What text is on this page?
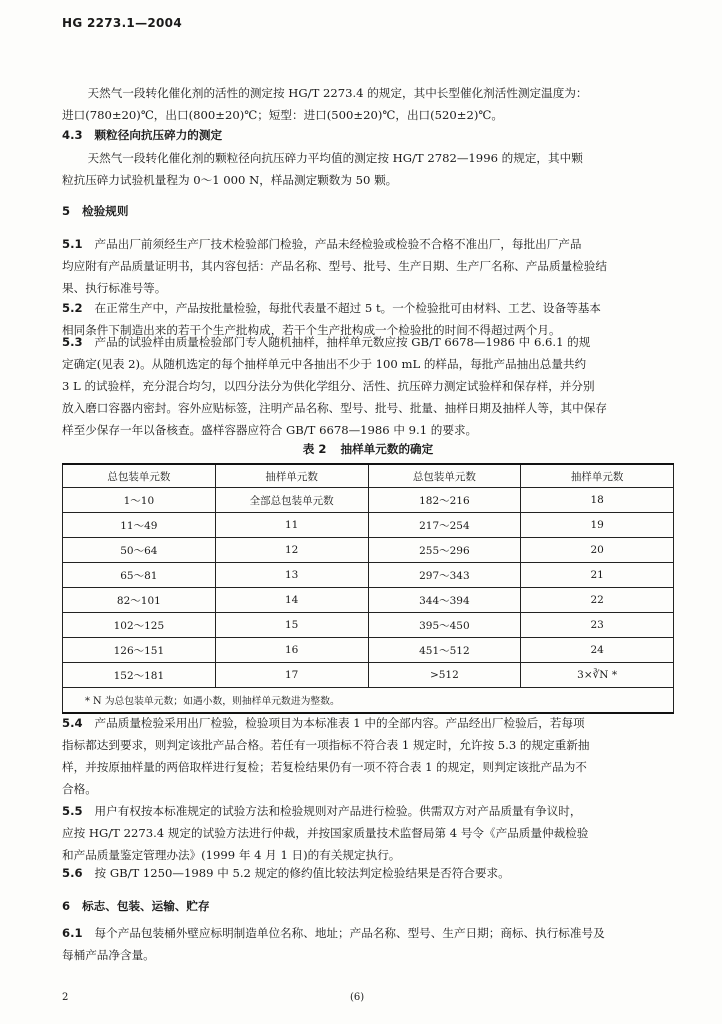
HG 2273.1—2004
天然气一段转化催化剂的活性的测定按 HG/T 2273.4 的规定，其中长型催化剂活性测定温度为：
进口(780±20)℃，出口(800±20)℃；短型：进口(500±20)℃，出口(520±2)℃。
4.3 颗粒径向抗压碎力的测定
天然气一段转化催化剂的颗粒径向抗压碎力平均值的测定按 HG/T 2782—1996 的规定，其中颗
粒抗压碎力试验机量程为 0～1 000 N，样品测定颗数为 50 颗。
5 检验规则
5.1 产品出厂前须经生产厂技术检验部门检验，产品未经检验或检验不合格不准出厂，每批出厂产品
均应附有产品质量证明书，其内容包括：产品名称、型号、批号、生产日期、生产厂名称、产品质量检验结
果、执行标准号等。
5.2 在正常生产中，产品按批量检验，每批代表量不超过 5 t。一个检验批可由材料、工艺、设备等基本
相同条件下制造出来的若干个生产批构成，若干个生产批构成一个检验批的时间不得超过两个月。
5.3 产品的试验样由质量检验部门专人随机抽样，抽样单元数应按 GB/T 6678—1986 中 6.6.1 的规
定确定(见表 2)。从随机选定的每个抽样单元中各抽出不少于 100 mL 的样品，每批产品抽出总量共约
3 L 的试验样，充分混合均匀，以四分法分为供化学组分、活性、抗压碎力测定试验样和保存样，并分别
放入磨口容器内密封。容外应贴标签，注明产品名称、型号、批号、批量、抽样日期及抽样人等，其中保存
样至少保存一年以备核查。盛样容器应符合 GB/T 6678—1986 中 9.1 的要求。
表 2 抽样单元数的确定
总包装单元数	抽样单元数	总包装单元数	抽样单元数
1～10	全部总包装单元数	182～216	18
11～49	11	217～254	19
50～64	12	255～296	20
65～81	13	297～343	21
82～101	14	344～394	22
102～125	15	395～450	23
126～151	16	451～512	24
152～181	17	>512	3×∛N *
* N 为总包装单元数；如遇小数，则抽样单元数进为整数。			
5.4 产品质量检验采用出厂检验，检验项目为本标准表 1 中的全部内容。产品经出厂检验后，若每项
指标都达到要求，则判定该批产品合格。若任有一项指标不符合表 1 规定时，允许按 5.3 的规定重新抽
样，并按原抽样量的两倍取样进行复检；若复检结果仍有一项不符合表 1 的规定，则判定该批产品为不
合格。
5.5 用户有权按本标准规定的试验方法和检验规则对产品进行检验。供需双方对产品质量有争议时，
应按 HG/T 2273.4 规定的试验方法进行仲裁，并按国家质量技术监督局第 4 号令《产品质量仲裁检验
和产品质量鉴定管理办法》(1999 年 4 月 1 日)的有关规定执行。
5.6 按 GB/T 1250—1989 中 5.2 规定的修约值比较法判定检验结果是否符合要求。
6 标志、包装、运输、贮存
6.1 每个产品包装桶外壁应标明制造单位名称、地址；产品名称、型号、生产日期；商标、执行标准号及
每桶产品净含量。
2	(6)
